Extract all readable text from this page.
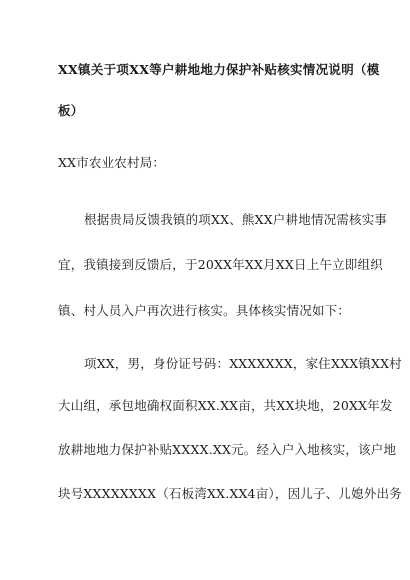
XX镇关于项XX等户耕地地力保护补贴核实情况说明（模
板）
XX市农业农村局：
根据贵局反馈我镇的项XX、熊XX户耕地情况需核实事
宜，我镇接到反馈后，于20XX年XX月XX日上午立即组织
镇、村人员入户再次进行核实。具体核实情况如下：
项XX，男，身份证号码：XXXXXXX，家住XXX镇XX村
大山组，承包地确权面积XX.XX亩，共XX块地，20XX年发
放耕地地力保护补贴XXXX.XX元。经入户入地核实，该户地
块号XXXXXXXX（石板湾XX.XX4亩），因儿子、儿媳外出务
